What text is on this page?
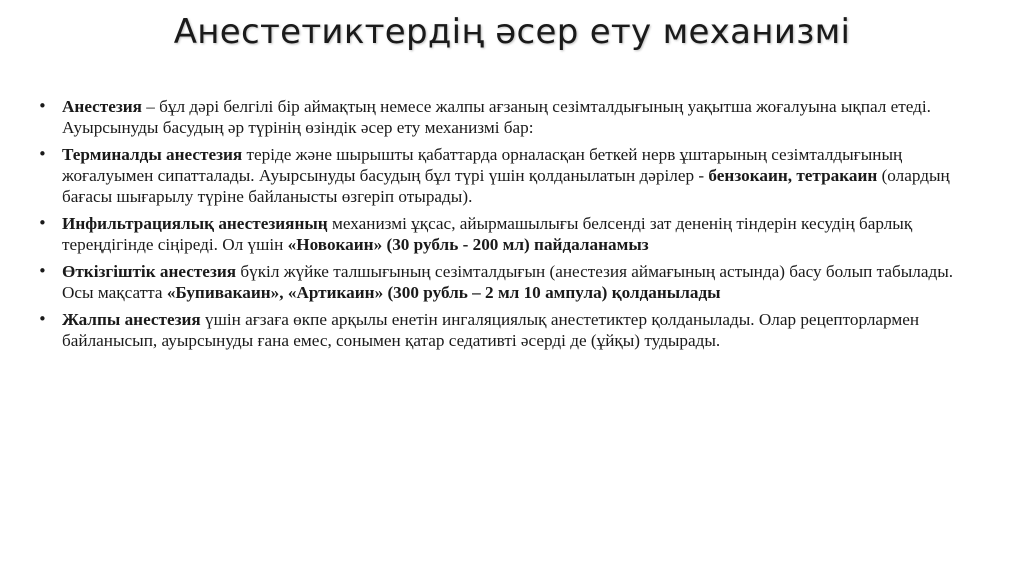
Анестетиктердің әсер ету механизмі
• Анестезия – бұл дәрі белгілі бір аймақтың немесе жалпы ағзаның сезімталдығының уақытша жоғалуына ықпал етеді. Ауырсынуды басудың әр түрінің өзіндік әсер ету механизмі бар:
• Терминалды анестезия теріде және шырышты қабаттарда орналасқан беткей нерв ұштарының сезімталдығының жоғалуымен сипатталады. Ауырсынуды басудың бұл түрі үшін қолданылатын дәрілер - бензокаин, тетракаин (олардың бағасы шығарылу түріне байланысты өзгеріп отырады).
• Инфильтрациялық анестезияның механизмі ұқсас, айырмашылығы белсенді зат дененің тіндерін кесудің барлық тереңдігінде сіңіреді. Ол үшін «Новокаин» (30 рубль - 200 мл) пайдаланамыз
• Өткізгіштік анестезия бүкіл жүйке талшығының сезімталдығын (анестезия аймағының астында) басу болып табылады. Осы мақсатта «Бупивакаин», «Артикаин» (300 рубль – 2 мл 10 ампула) қолданылады
• Жалпы анестезия үшін ағзаға өкпе арқылы енетін ингаляциялық анестетиктер қолданылады. Олар рецепторлармен байланысып, ауырсынуды ғана емес, сонымен қатар седативті әсерді де (ұйқы) тудырады.
